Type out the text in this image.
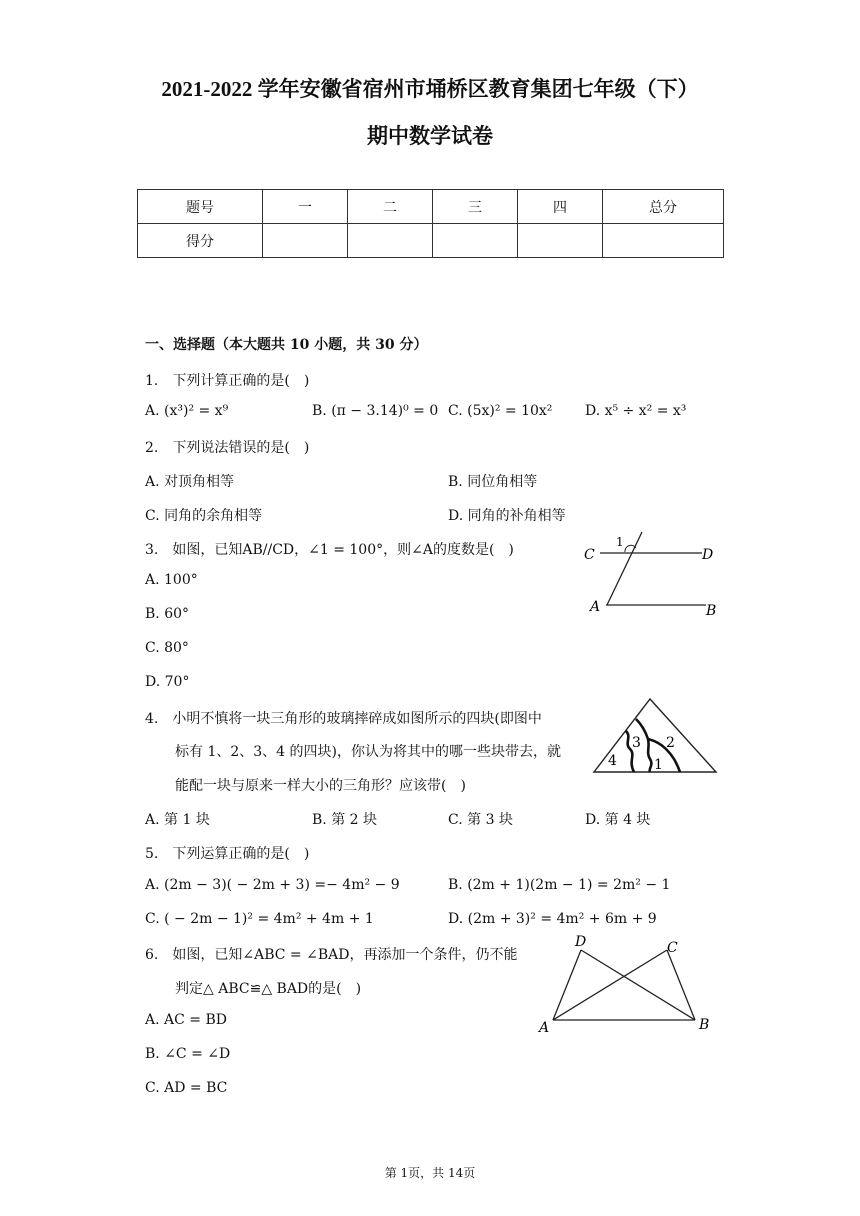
2021-2022 学年安徽省宿州市埇桥区教育集团七年级（下）
期中数学试卷
题号	一	二	三	四	总分
得分					
一、选择题（本大题共 10 小题，共 30 分）
1.　下列计算正确的是(　)
A. (x³)² = x⁹	B. (π − 3.14)⁰ = 0 C. (5x)² = 10x² D. x⁵ ÷ x² = x³
2.　下列说法错误的是(　)
A. 对顶角相等	B. 同位角相等
C. 同角的余角相等	D. 同角的补角相等
3.　如图，已知AB//CD，∠1 = 100°，则∠A的度数是(　)
A. 100°
B. 60°
C. 80°
D. 70°
C	D
1
A	B
4.　小明不慎将一块三角形的玻璃摔碎成如图所示的四块(即图中
标有 1、2、3、4 的四块)，你认为将其中的哪一些块带去，就
能配一块与原来一样大小的三角形？应该带(　)
A. 第 1 块	B. 第 2 块	C. 第 3 块	D. 第 4 块
3 2
1
4
5.　下列运算正确的是(　)
A. (2m − 3)( − 2m + 3) =− 4m² − 9	B. (2m + 1)(2m − 1) = 2m² − 1
C. ( − 2m − 1)² = 4m² + 4m + 1	D. (2m + 3)² = 4m² + 6m + 9
6.　如图，已知∠ABC = ∠BAD，再添加一个条件，仍不能
判定△ ABC≌△ BAD的是(　)
A. AC = BD
B. ∠C = ∠D
C. AD = BC
D	C
A	B
第 1页，共 14页
